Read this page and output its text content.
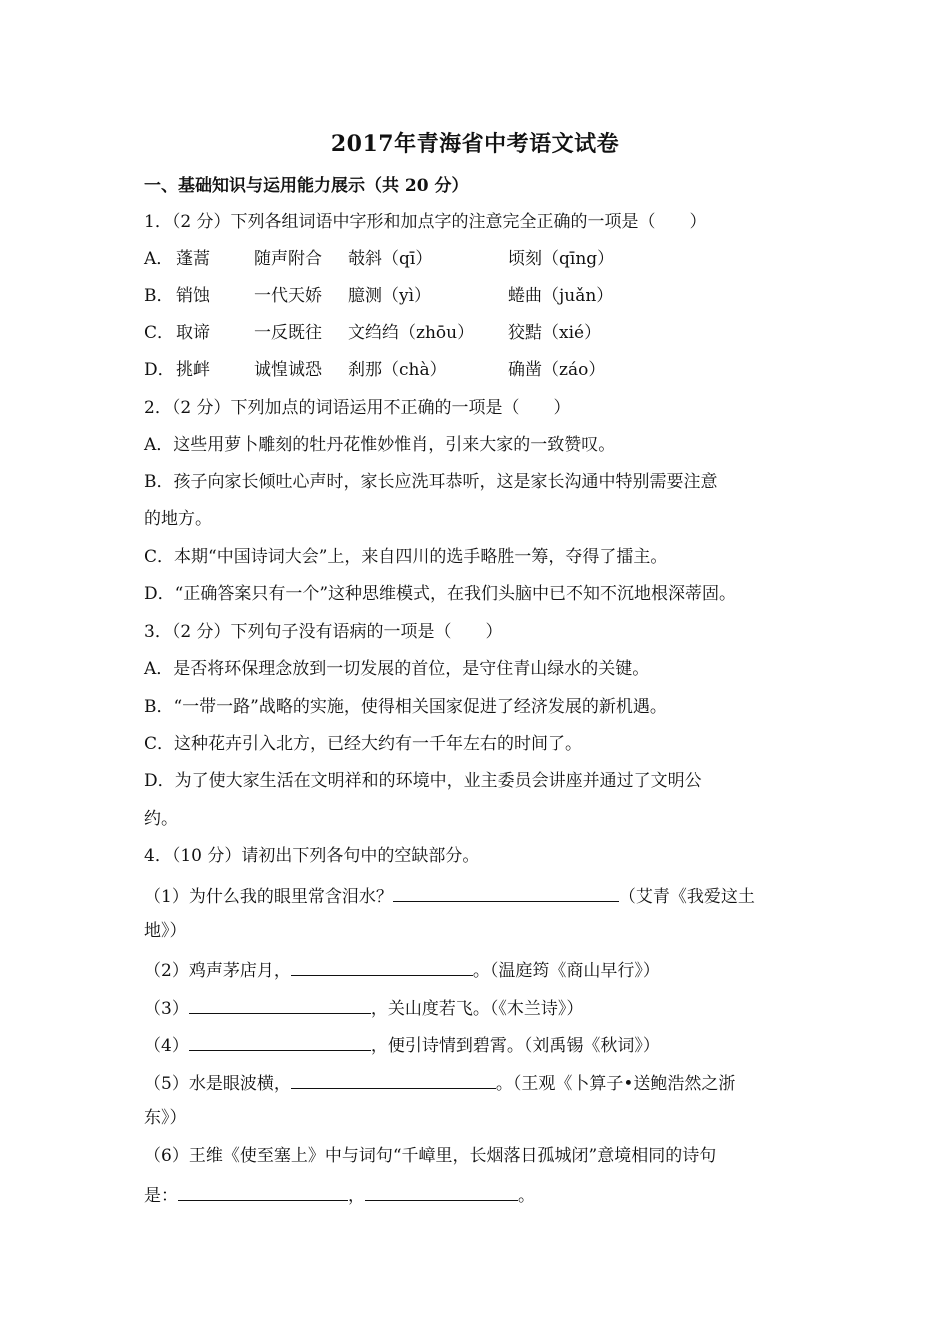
2017年青海省中考语文试卷
一、基础知识与运用能力展示（共 20 分）
1．（2 分）下列各组词语中字形和加点字的注意完全正确的一项是（　　）
A． 蓬蒿	随声附合 攲斜（qī）	顷刻（qīng）
B． 销蚀	一代天娇 臆测（yì）	蜷曲（juǎn）
C． 取谛	一反既往 文绉绉（zhōu） 狡黠（xié）
D．挑衅	诚惶诚恐 刹那（chà）	确凿（záo）
2．（2 分）下列加点的词语运用不正确的一项是（　　）
A．这些用萝卜雕刻的牡丹花惟妙惟肖，引来大家的一致赞叹。
B．孩子向家长倾吐心声时，家长应洗耳恭听，这是家长沟通中特别需要注意
的地方。
C．本期“中国诗词大会”上，来自四川的选手略胜一筹，夺得了擂主。
D．“正确答案只有一个”这种思维模式，在我们头脑中已不知不沉地根深蒂固。
3．（2 分）下列句子没有语病的一项是（　　）
A．是否将环保理念放到一切发展的首位，是守住青山绿水的关键。
B．“一带一路”战略的实施，使得相关国家促进了经济发展的新机遇。
C．这种花卉引入北方，已经大约有一千年左右的时间了。
D．为了使大家生活在文明祥和的环境中，业主委员会讲座并通过了文明公
约。
4．（10 分）请初出下列各句中的空缺部分。
（1）为什么我的眼里常含泪水？	（艾青《我爱这土
地》）
（2）鸡声茅店月，	。（温庭筠《商山早行》）
（3）	，关山度若飞。（《木兰诗》）
（4）	，便引诗情到碧霄。（刘禹锡《秋词》）
（5）水是眼波横，	。（王观《卜算子•送鲍浩然之浙
东》）
（6）王维《使至塞上》中与词句“千嶂里，长烟落日孤城闭”意境相同的诗句
是：	，	。
